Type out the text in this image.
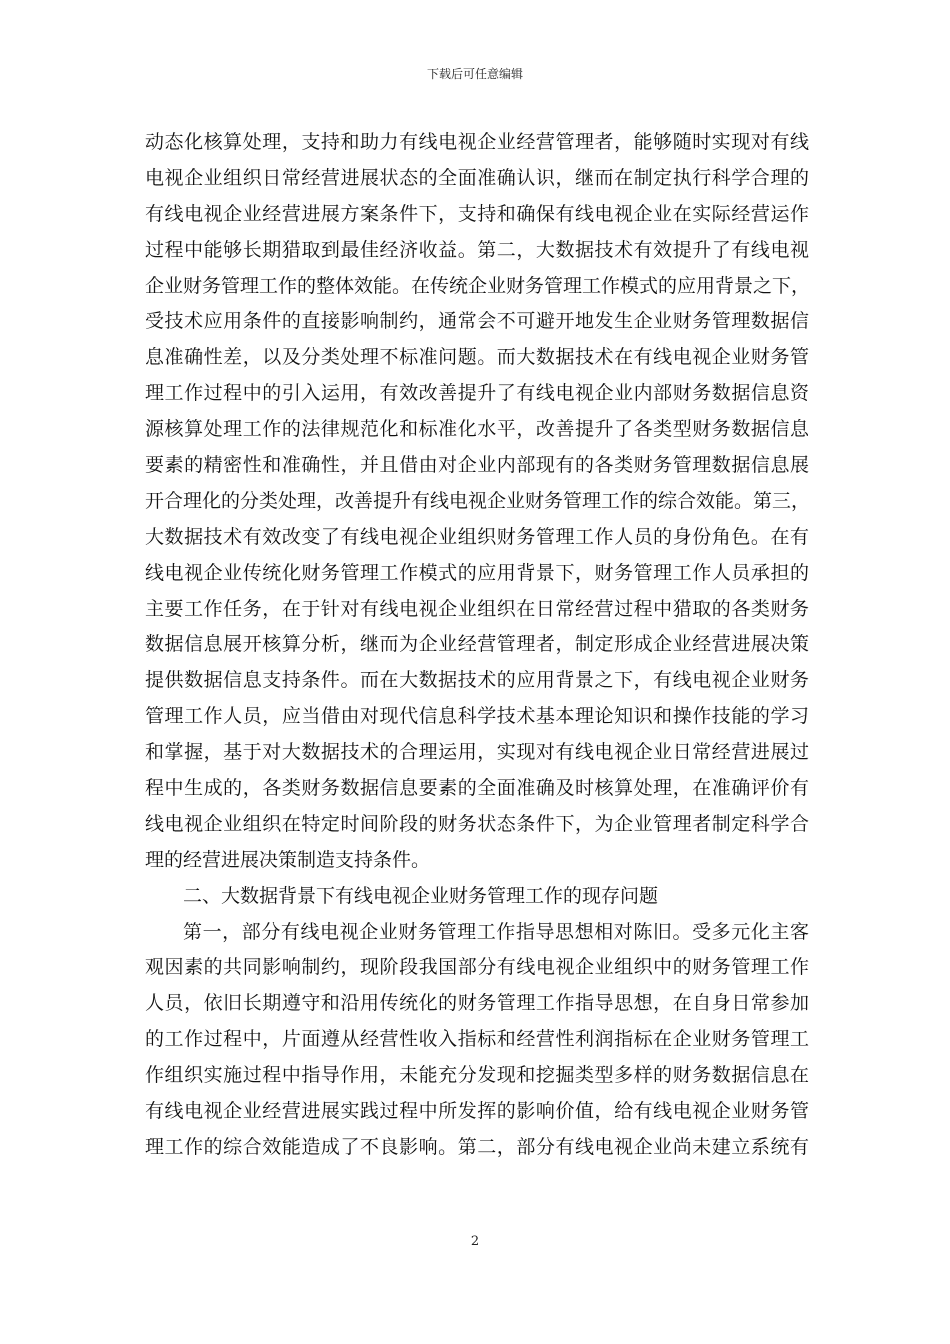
下载后可任意编辑
动态化核算处理，支持和助力有线电视企业经营管理者，能够随时实现对有线
电视企业组织日常经营进展状态的全面准确认识，继而在制定执行科学合理的
有线电视企业经营进展方案条件下，支持和确保有线电视企业在实际经营运作
过程中能够长期猎取到最佳经济收益。第二，大数据技术有效提升了有线电视
企业财务管理工作的整体效能。在传统企业财务管理工作模式的应用背景之下，
受技术应用条件的直接影响制约，通常会不可避开地发生企业财务管理数据信
息准确性差，以及分类处理不标准问题。而大数据技术在有线电视企业财务管
理工作过程中的引入运用，有效改善提升了有线电视企业内部财务数据信息资
源核算处理工作的法律规范化和标准化水平，改善提升了各类型财务数据信息
要素的精密性和准确性，并且借由对企业内部现有的各类财务管理数据信息展
开合理化的分类处理，改善提升有线电视企业财务管理工作的综合效能。第三，
大数据技术有效改变了有线电视企业组织财务管理工作人员的身份角色。在有
线电视企业传统化财务管理工作模式的应用背景下，财务管理工作人员承担的
主要工作任务，在于针对有线电视企业组织在日常经营过程中猎取的各类财务
数据信息展开核算分析，继而为企业经营管理者，制定形成企业经营进展决策
提供数据信息支持条件。而在大数据技术的应用背景之下，有线电视企业财务
管理工作人员，应当借由对现代信息科学技术基本理论知识和操作技能的学习
和掌握，基于对大数据技术的合理运用，实现对有线电视企业日常经营进展过
程中生成的，各类财务数据信息要素的全面准确及时核算处理，在准确评价有
线电视企业组织在特定时间阶段的财务状态条件下，为企业管理者制定科学合
理的经营进展决策制造支持条件。
二、大数据背景下有线电视企业财务管理工作的现存问题
第一，部分有线电视企业财务管理工作指导思想相对陈旧。受多元化主客
观因素的共同影响制约，现阶段我国部分有线电视企业组织中的财务管理工作
人员，依旧长期遵守和沿用传统化的财务管理工作指导思想，在自身日常参加
的工作过程中，片面遵从经营性收入指标和经营性利润指标在企业财务管理工
作组织实施过程中指导作用，未能充分发现和挖掘类型多样的财务数据信息在
有线电视企业经营进展实践过程中所发挥的影响价值，给有线电视企业财务管
理工作的综合效能造成了不良影响。第二，部分有线电视企业尚未建立系统有
2
